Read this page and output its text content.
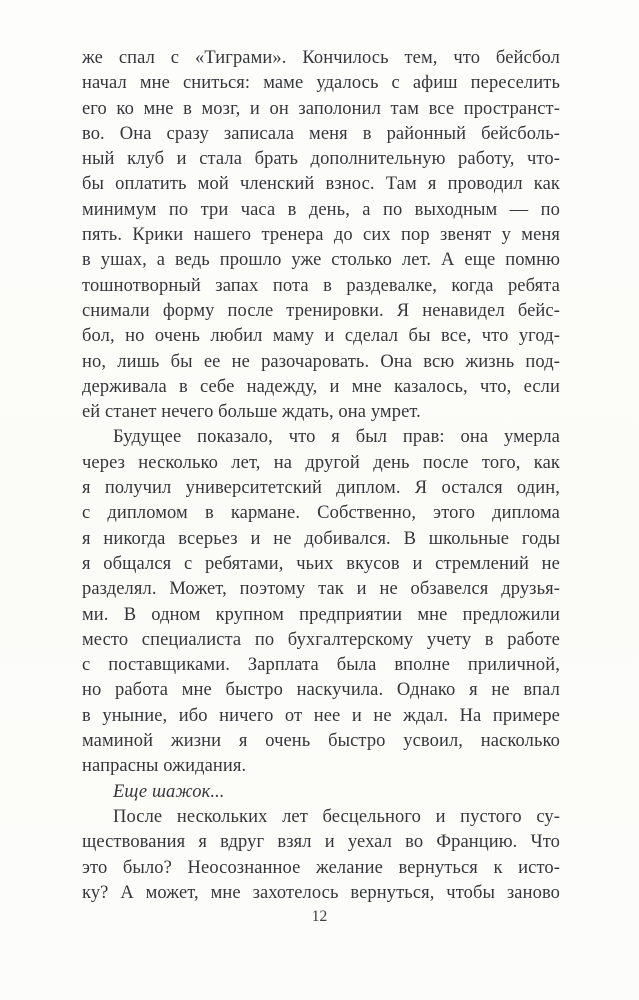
же спал с «Тиграми». Кончилось тем, что бейсбол
начал мне сниться: маме удалось с афиш переселить
его ко мне в мозг, и он заполонил там все пространст-
во. Она сразу записала меня в районный бейсболь-
ный клуб и стала брать дополнительную работу, что-
бы оплатить мой членский взнос. Там я проводил как
минимум по три часа в день, а по выходным — по
пять. Крики нашего тренера до сих пор звенят у меня
в ушах, а ведь прошло уже столько лет. А еще помню
тошнотворный запах пота в раздевалке, когда ребята
снимали форму после тренировки. Я ненавидел бейс-
бол, но очень любил маму и сделал бы все, что угод-
но, лишь бы ее не разочаровать. Она всю жизнь под-
держивала в себе надежду, и мне казалось, что, если
ей станет нечего больше ждать, она умрет.
Будущее показало, что я был прав: она умерла
через несколько лет, на другой день после того, как
я получил университетский диплом. Я остался один,
с дипломом в кармане. Собственно, этого диплома
я никогда всерьез и не добивался. В школьные годы
я общался с ребятами, чьих вкусов и стремлений не
разделял. Может, поэтому так и не обзавелся друзья-
ми. В одном крупном предприятии мне предложили
место специалиста по бухгалтерскому учету в работе
с поставщиками. Зарплата была вполне приличной,
но работа мне быстро наскучила. Однако я не впал
в уныние, ибо ничего от нее и не ждал. На примере
маминой жизни я очень быстро усвоил, насколько
напрасны ожидания.
Еще шажок...
После нескольких лет бесцельного и пустого су-
ществования я вдруг взял и уехал во Францию. Что
это было? Неосознанное желание вернуться к исто-
ку? А может, мне захотелось вернуться, чтобы заново
12
